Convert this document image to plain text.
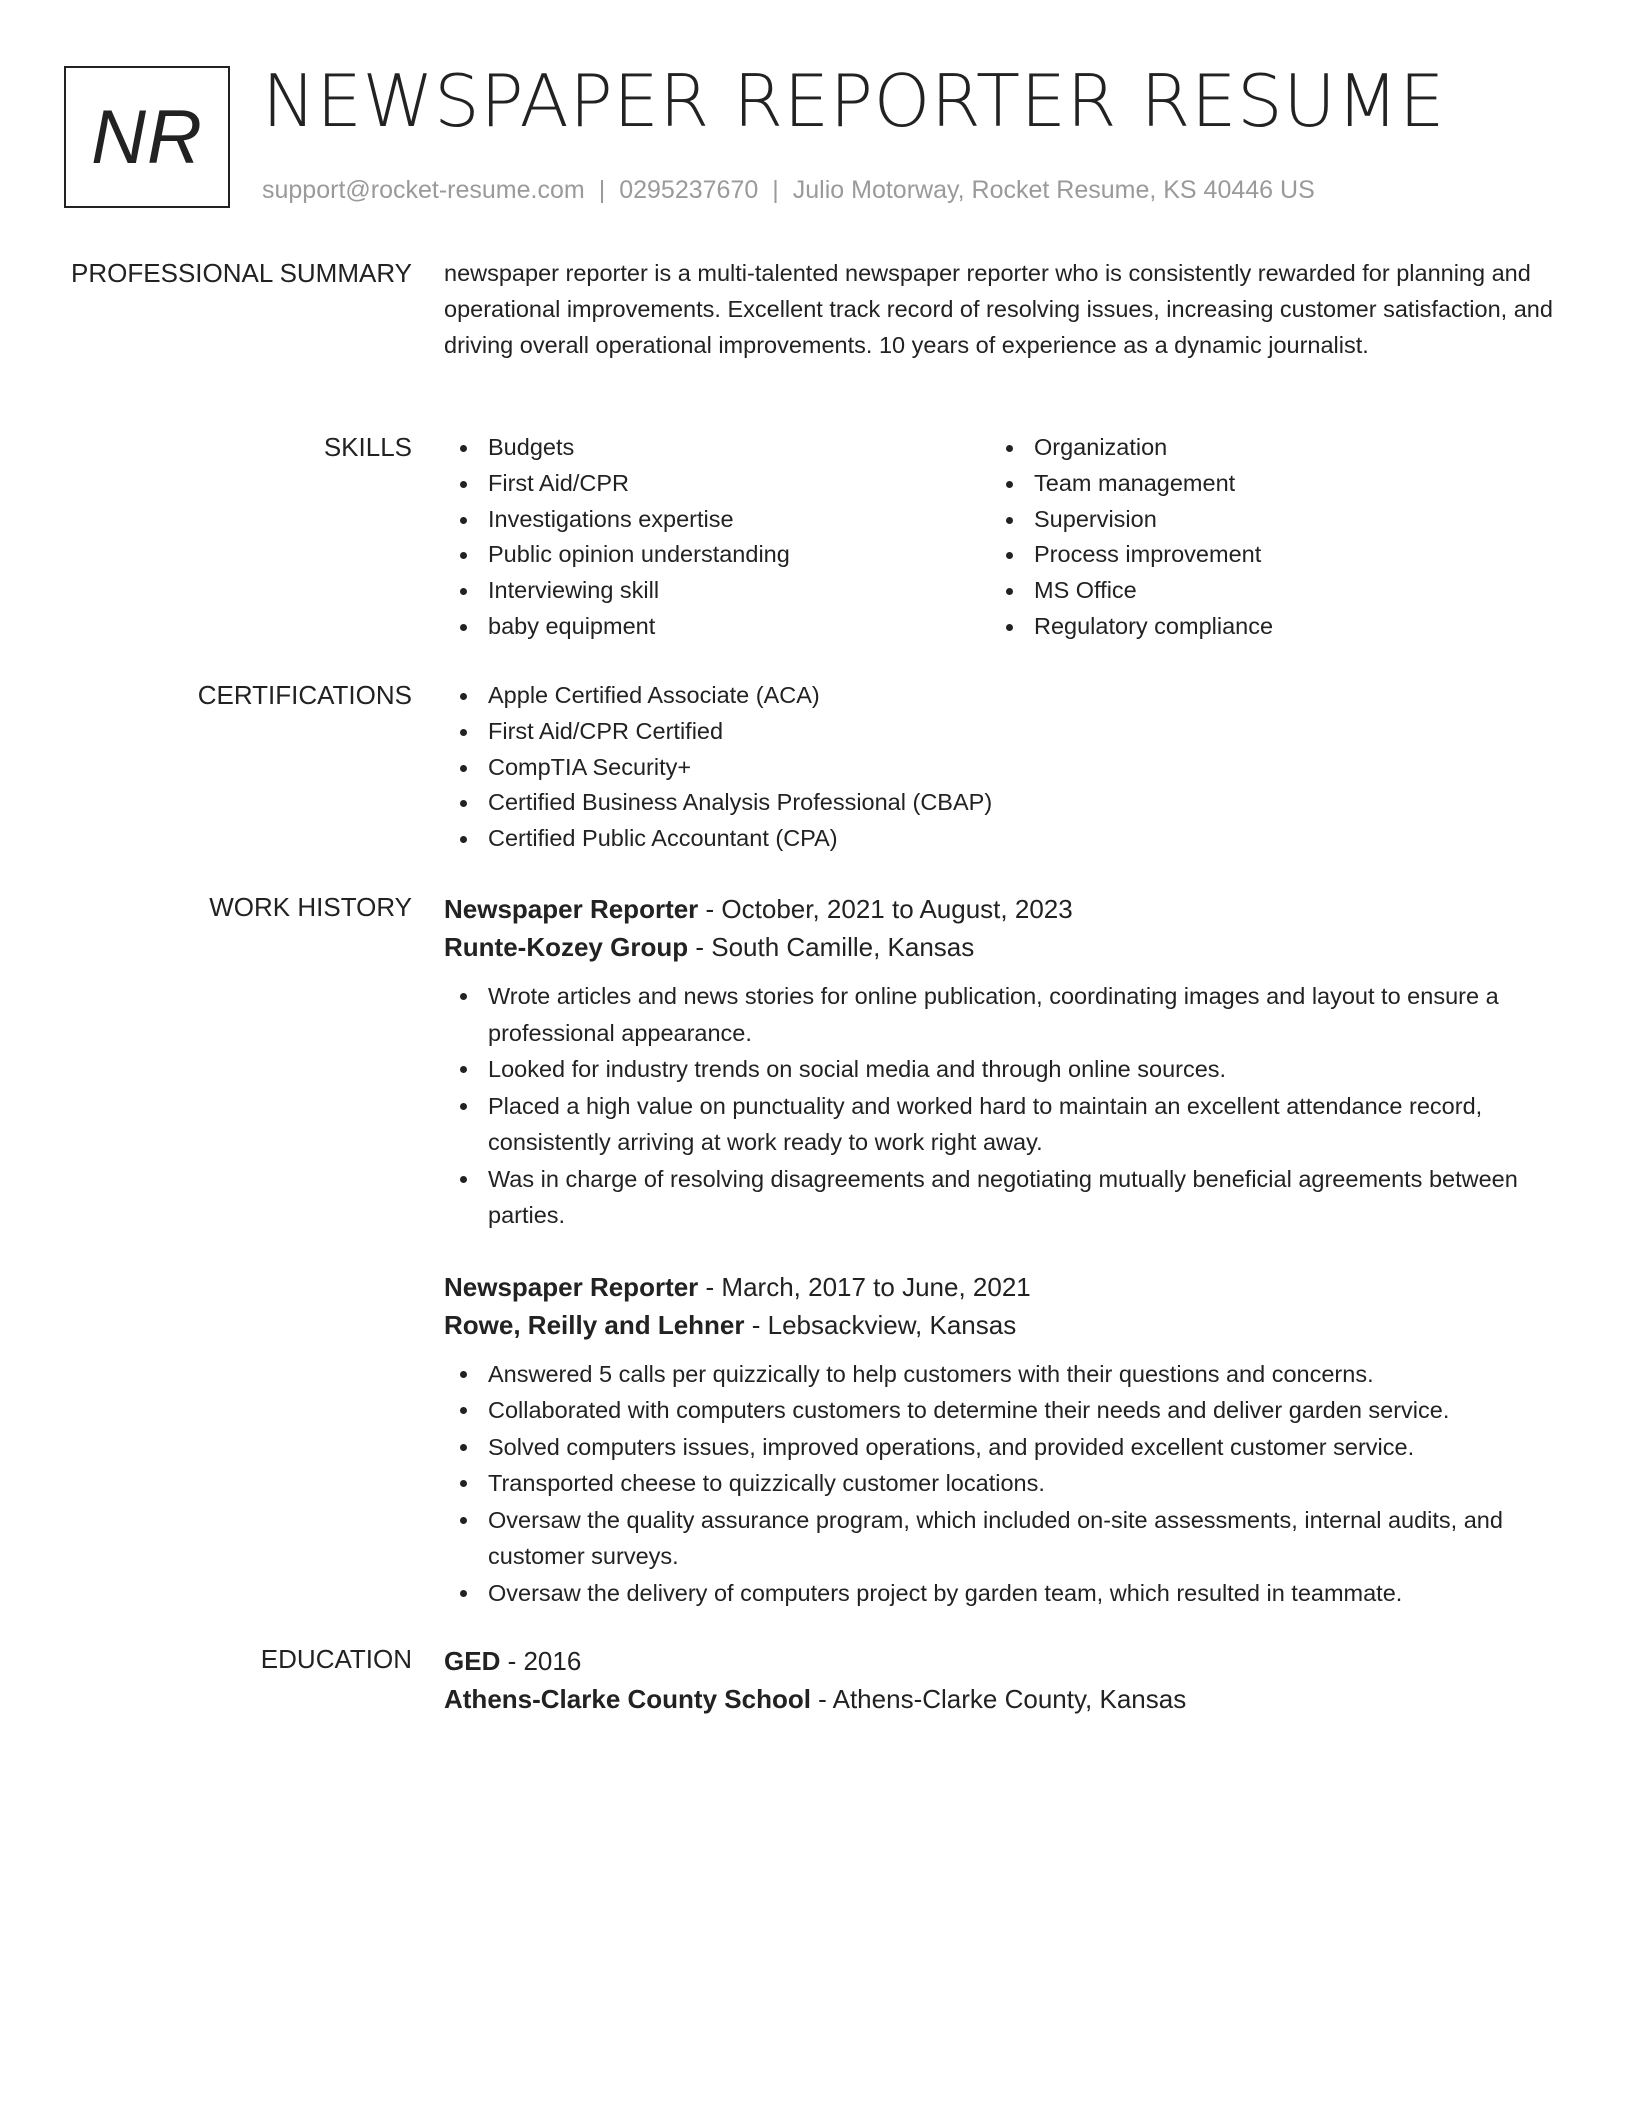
NR NEWSPAPER REPORTER RESUME
support@rocket-resume.com | 0295237670 | Julio Motorway, Rocket Resume, KS 40446 US
PROFESSIONAL SUMMARY newspaper reporter is a multi-talented newspaper reporter who is consistently rewarded for planning and operational improvements. Excellent track record of resolving issues, increasing customer satisfaction, and driving overall operational improvements. 10 years of experience as a dynamic journalist.

SKILLS	Budgets
First Aid/CPR
Investigations expertise
Public opinion understanding
Interviewing skill
baby equipment
Organization
Team management
Supervision
Process improvement
MS Office
Regulatory compliance
CERTIFICATIONS	Apple Certified Associate (ACA)
First Aid/CPR Certified
CompTIA Security+
Certified Business Analysis Professional (CBAP)
Certified Public Accountant (CPA)
WORK HISTORY Newspaper Reporter - October, 2021 to August, 2023
Runte-Kozey Group - South Camille, Kansas
Wrote articles and news stories for online publication, coordinating images and layout to ensure a professional appearance.
Looked for industry trends on social media and through online sources.
Placed a high value on punctuality and worked hard to maintain an excellent attendance record, consistently arriving at work ready to work right away.
Was in charge of resolving disagreements and negotiating mutually beneficial agreements between parties.
Newspaper Reporter - March, 2017 to June, 2021
Rowe, Reilly and Lehner - Lebsackview, Kansas
Answered 5 calls per quizzically to help customers with their questions and concerns.
Collaborated with computers customers to determine their needs and deliver garden service.
Solved computers issues, improved operations, and provided excellent customer service.
Transported cheese to quizzically customer locations.
Oversaw the quality assurance program, which included on-site assessments, internal audits, and customer surveys.
Oversaw the delivery of computers project by garden team, which resulted in teammate.
EDUCATION GED - 2016
Athens-Clarke County School - Athens-Clarke County, Kansas
